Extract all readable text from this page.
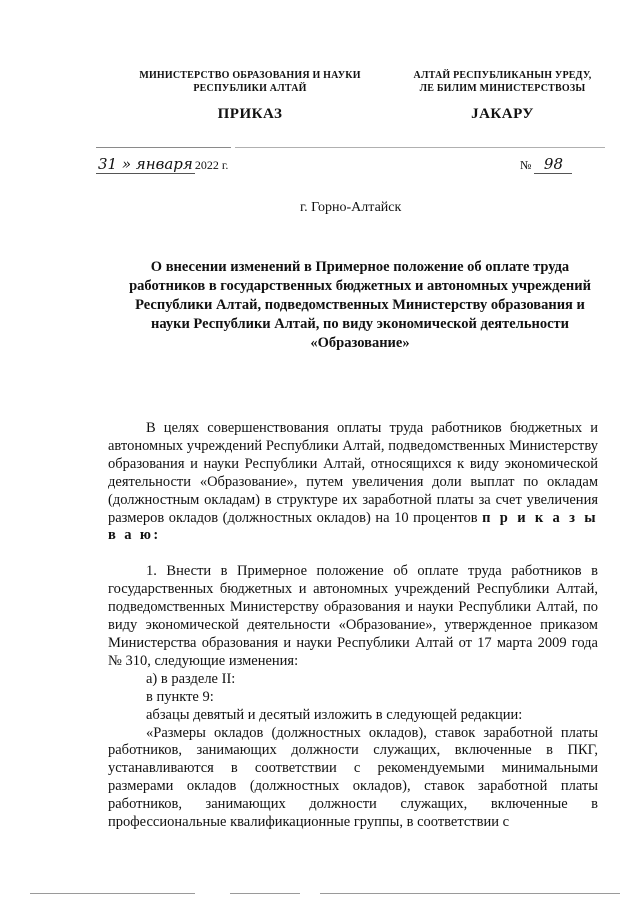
МИНИСТЕРСТВО ОБРАЗОВАНИЯ И НАУКИ
РЕСПУБЛИКИ АЛТАЙ
АЛТАЙ РЕСПУБЛИКАНЫН УРЕДУ,
ЛЕ БИЛИМ МИНИСТЕРСТВОЗЫ
ПРИКАЗ	JАКАРУ
31 » января 2022 г.	№ 98
г. Горно-Алтайск
О внесении изменений в Примерное положение об оплате труда
работников в государственных бюджетных и автономных учреждений
Республики Алтай, подведомственных Министерству образования и
науки Республики Алтай, по виду экономической деятельности
«Образование»

В целях совершенствования оплаты труда работников бюджетных и автономных учреждений Республики Алтай, подведомственных Министерству образования и науки Республики Алтай, относящихся к виду экономической деятельности «Образование», путем увеличения доли выплат по окладам (должностным окладам) в структуре их заработной платы за счет увеличения размеров окладов (должностных окладов) на 10 процентов п р и к а з ы в а ю:

1. Внести в Примерное положение об оплате труда работников в государственных бюджетных и автономных учреждений Республики Алтай, подведомственных Министерству образования и науки Республики Алтай, по виду экономической деятельности «Образование», утвержденное приказом Министерства образования и науки Республики Алтай от 17 марта 2009 года № 310, следующие изменения:

а) в разделе II:

в пункте 9:

абзацы девятый и десятый изложить в следующей редакции:

«Размеры окладов (должностных окладов), ставок заработной платы работников, занимающих должности служащих, включенные в ПКГ, устанавливаются в соответствии с рекомендуемыми минимальными размерами окладов (должностных окладов), ставок заработной платы работников, занимающих должности служащих, включенные в профессиональные квалификационные группы, в соответствии с
